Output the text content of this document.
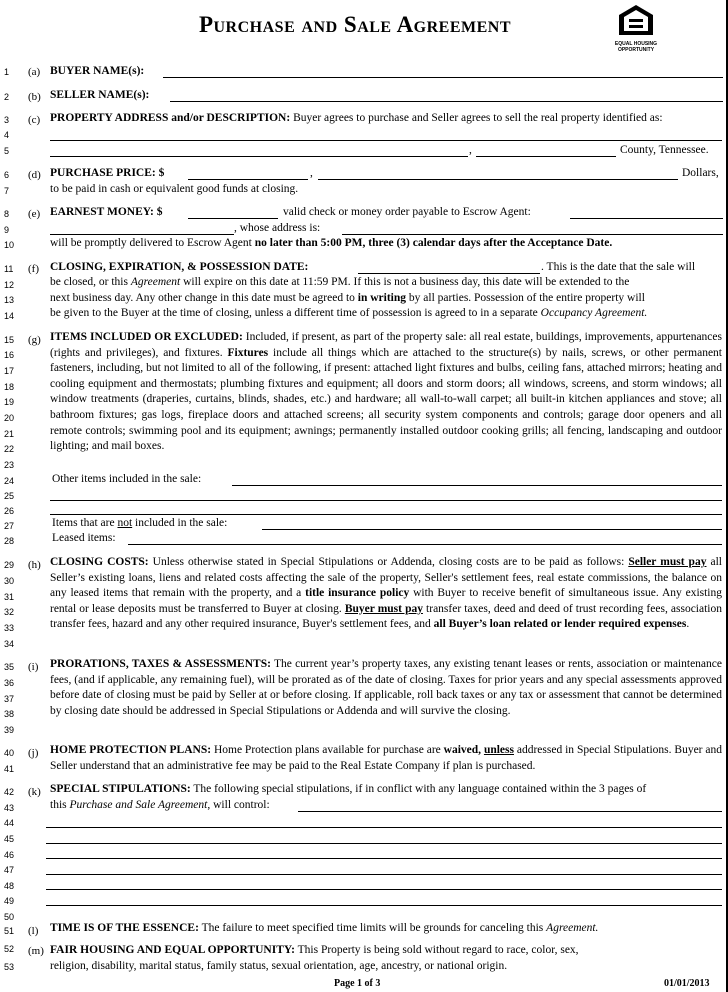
Purchase and Sale Agreement
EQUAL HOUSING
OPPORTUNITY
1
2
3
4
5
6
7
8
9
10
11
12
13
14
15
16
17
18
19
20
21
22
23
24
25
26
27
28
29
30
31
32
33
34
35
36
37
38
39
40
41
42
43
44
45
46
47
48
49
50
51
52
53
(a) BUYER NAME(s):
(b) SELLER NAME(s):
(c) PROPERTY ADDRESS and/or DESCRIPTION: Buyer agrees to purchase and Seller agrees to sell the real property identified as:
,	County, Tennessee.
(d) PURCHASE PRICE: $	,	Dollars,
to be paid in cash or equivalent good funds at closing.
(e) EARNEST MONEY: $	valid check or money order payable to Escrow Agent:
, whose address is:
will be promptly delivered to Escrow Agent no later than 5:00 PM, three (3) calendar days after the Acceptance Date.
(f) CLOSING, EXPIRATION, & POSSESSION DATE:	. This is the date that the sale will
be closed, or this Agreement will expire on this date at 11:59 PM. If this is not a business day, this date will be extended to the
next business day. Any other change in this date must be agreed to in writing by all parties. Possession of the entire property will
be given to the Buyer at the time of closing, unless a different time of possession is agreed to in a separate Occupancy Agreement.
(g) ITEMS INCLUDED OR EXCLUDED: Included, if present, as part of the property sale: all real estate, buildings, improvements, appurtenances (rights and privileges), and fixtures. Fixtures include all things which are attached to the structure(s) by nails, screws, or other permanent fasteners, including, but not limited to all of the following, if present: attached light fixtures and bulbs, ceiling fans, attached mirrors; heating and cooling equipment and thermostats; plumbing fixtures and equipment; all doors and storm doors; all windows, screens, and storm windows; all window treatments (draperies, curtains, blinds, shades, etc.) and hardware; all wall-to-wall carpet; all built-in kitchen appliances and stove; all bathroom fixtures; gas logs, fireplace doors and attached screens; all security system components and controls; garage door openers and all remote controls; swimming pool and its equipment; awnings; permanently installed outdoor cooking grills; all fencing, landscaping and outdoor lighting; and mail boxes.
Other items included in the sale:
Items that are not included in the sale:
Leased items:
(h) CLOSING COSTS: Unless otherwise stated in Special Stipulations or Addenda, closing costs are to be paid as follows: Seller must pay all Seller’s existing loans, liens and related costs affecting the sale of the property, Seller's settlement fees, real estate commissions, the balance on any leased items that remain with the property, and a title insurance policy with Buyer to receive benefit of simultaneous issue. Any existing rental or lease deposits must be transferred to Buyer at closing. Buyer must pay transfer taxes, deed and deed of trust recording fees, association transfer fees, hazard and any other required insurance, Buyer's settlement fees, and all Buyer’s loan related or lender required expenses.
(i) PRORATIONS, TAXES & ASSESSMENTS: The current year’s property taxes, any existing tenant leases or rents, association or maintenance fees, (and if applicable, any remaining fuel), will be prorated as of the date of closing. Taxes for prior years and any special assessments approved before date of closing must be paid by Seller at or before closing. If applicable, roll back taxes or any tax or assessment that cannot be determined by closing date should be addressed in Special Stipulations or Addenda and will survive the closing.
(j) HOME PROTECTION PLANS: Home Protection plans available for purchase are waived, unless addressed in Special Stipulations. Buyer and Seller understand that an administrative fee may be paid to the Real Estate Company if plan is purchased.
(k) SPECIAL STIPULATIONS: The following special stipulations, if in conflict with any language contained within the 3 pages of
this Purchase and Sale Agreement, will control:
(l) TIME IS OF THE ESSENCE: The failure to meet specified time limits will be grounds for canceling this Agreement.
(m) FAIR HOUSING AND EQUAL OPPORTUNITY: This Property is being sold without regard to race, color, sex,
religion, disability, marital status, family status, sexual orientation, age, ancestry, or national origin.
Page 1 of 3	01/01/2013
